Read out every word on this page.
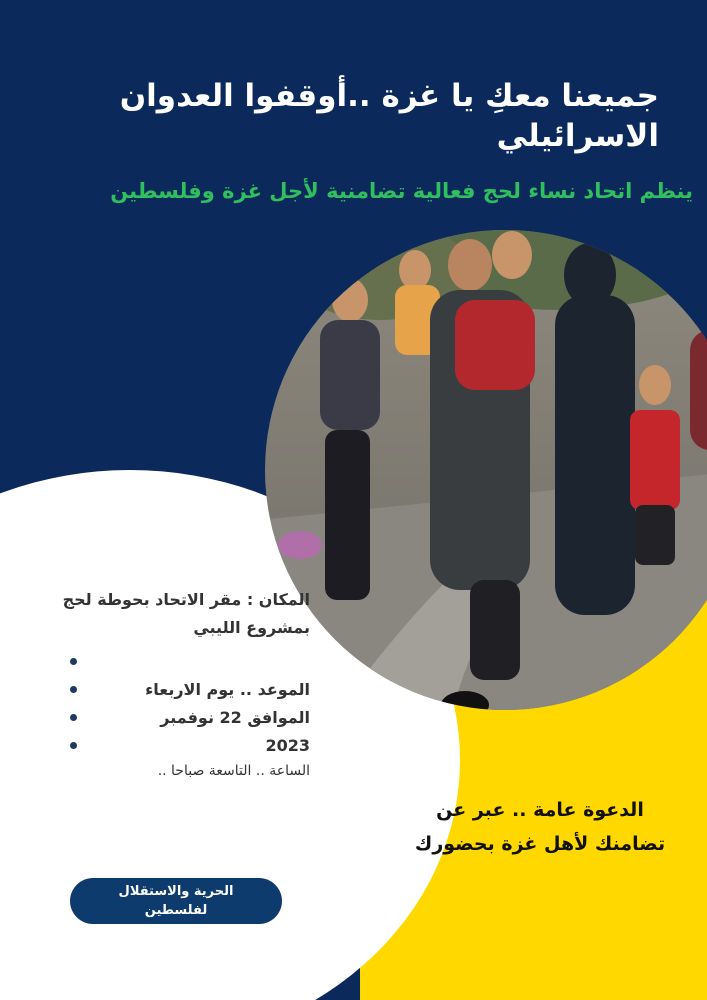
جميعنا معكِ يا غزة ..أوقفوا العدوان الاسرائيلي

ينظم اتحاد نساء لحج فعالية تضامنية لأجل غزة وفلسطين

المكان : مقر الاتحاد بحوطة لحج بمشروع الليبي

الموعد .. يوم الاربعاء
الموافق 22 نوفمبر
2023
الساعة .. التاسعة صباحا ..

الدعوة عامة .. عبر عن تضامنك لأهل غزة بحضورك

الحرية والاستقلال لفلسطين
